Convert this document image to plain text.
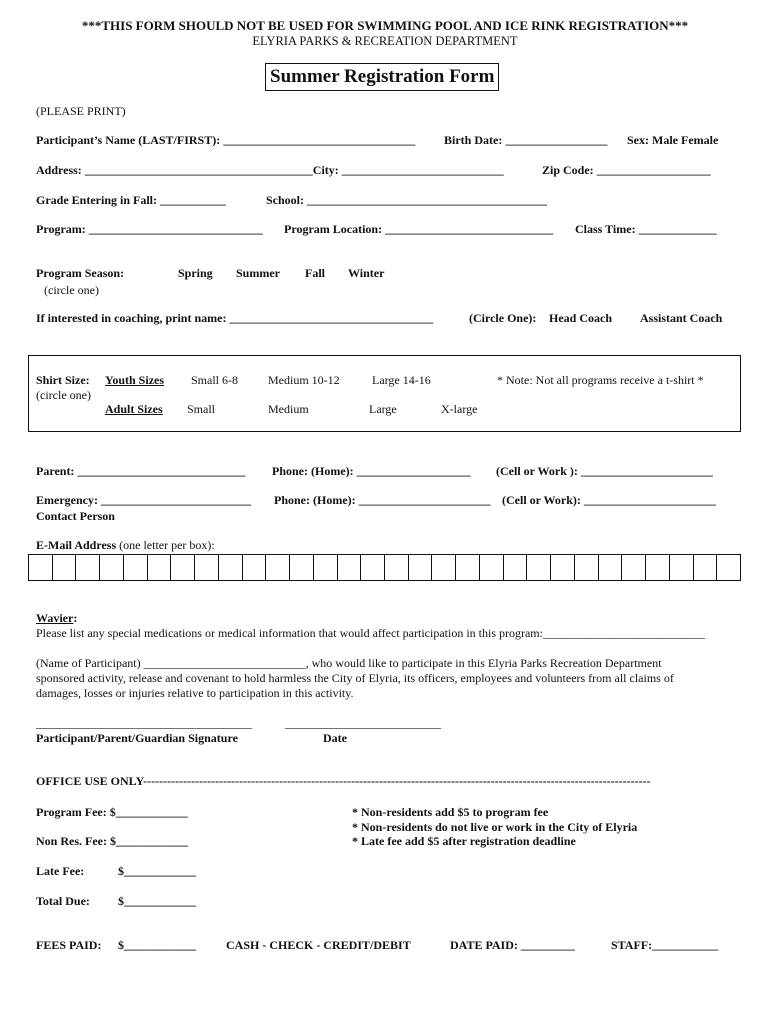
***THIS FORM SHOULD NOT BE USED FOR SWIMMING POOL AND ICE RINK REGISTRATION***
ELYRIA PARKS & RECREATION DEPARTMENT
Summer Registration Form
(PLEASE PRINT)
Participant’s Name (LAST/FIRST): ________________________________ Birth Date: _________________ Sex: Male Female
Address: ______________________________________City: ___________________________	Zip Code: ___________________
Grade Entering in Fall: ___________	School: ________________________________________
Program: _____________________________ Program Location: ____________________________ Class Time: _____________
Program Season:
(circle one)
Spring Summer Fall Winter
If interested in coaching, print name: __________________________________	(Circle One): Head Coach Assistant Coach
Shirt Size:
(circle one)
Youth Sizes Small 6-8	Medium 10-12	Large 14-16	* Note: Not all programs receive a t-shirt *
Adult Sizes Small	Medium	Large	X-large
Parent: ____________________________ Phone: (Home): ___________________ (Cell or Work ): ______________________
Emergency: _________________________ Phone: (Home): ______________________ (Cell or Work): ______________________
Contact Person
E-Mail Address (one letter per box):
Wavier:
Please list any special medications or medical information that would affect participation in this program:___________________________
(Name of Participant) ___________________________, who would like to participate in this Elyria Parks Recreation Department
sponsored activity, release and covenant to hold harmless the City of Elyria, its officers, employees and volunteers from all claims of
damages, losses or injuries relative to participation in this activity.
____________________________________	__________________________
Participant/Parent/Guardian Signature	Date
OFFICE USE ONLY-------------------------------------------------------------------------------------------------------------------------------
Program Fee: $____________
Non Res. Fee: $____________
Late Fee:	$____________
Total Due: $____________
* Non-residents add $5 to program fee
* Non-residents do not live or work in the City of Elyria
* Late fee add $5 after registration deadline
FEES PAID: $____________	CASH - CHECK - CREDIT/DEBIT	DATE PAID: _________	STAFF:___________
